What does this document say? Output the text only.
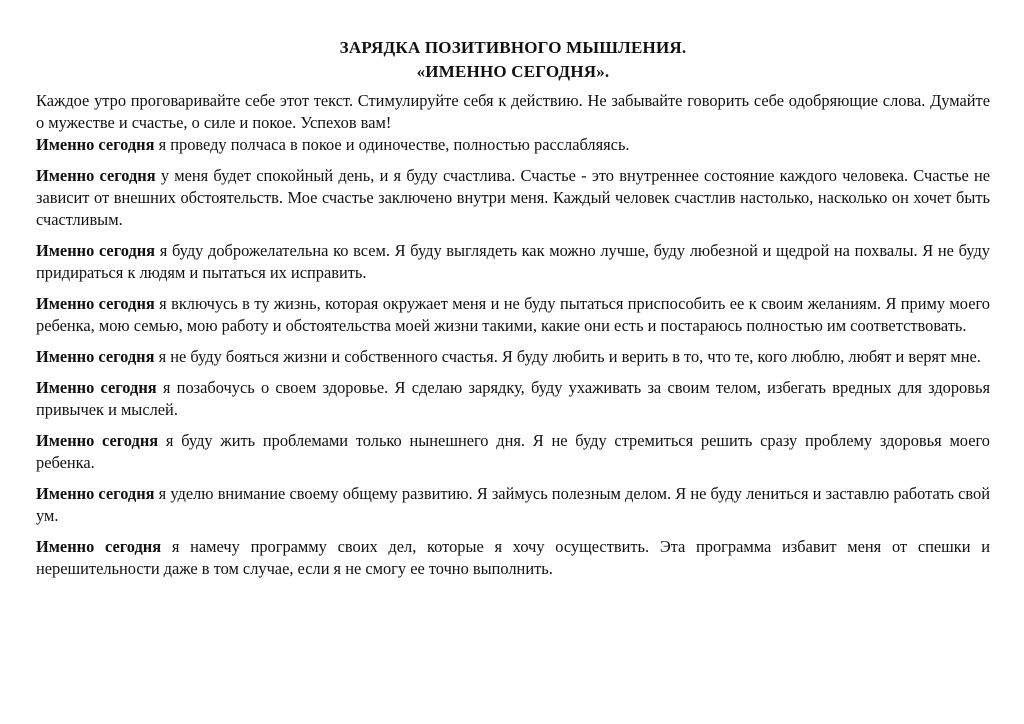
ЗАРЯДКА ПОЗИТИВНОГО МЫШЛЕНИЯ.
«ИМЕННО СЕГОДНЯ».

Каждое утро проговаривайте себе этот текст. Стимулируйте себя к действию. Не забывайте говорить себе одобряющие слова. Думайте о мужестве и счастье, о силе и покое. Успехов вам!

Именно сегодня я проведу полчаса в покое и одиночестве, полностью расслабляясь.

Именно сегодня у меня будет спокойный день, и я буду счастлива. Счастье - это внутреннее состояние каждого человека. Счастье не зависит от внешних обстоятельств. Мое счастье заключено внутри меня. Каждый человек счастлив настолько, насколько он хочет быть счастливым.

Именно сегодня я буду доброжелательна ко всем. Я буду выглядеть как можно лучше, буду любезной и щедрой на похвалы. Я не буду придираться к людям и пытаться их исправить.

Именно сегодня я включусь в ту жизнь, которая окружает меня и не буду пытаться приспособить ее к своим желаниям. Я приму моего ребенка, мою семью, мою работу и обстоятельства моей жизни такими, какие они есть и постараюсь полностью им соответствовать.

Именно сегодня я не буду бояться жизни и собственного счастья. Я буду любить и верить в то, что те, кого люблю, любят и верят мне.

Именно сегодня я позабочусь о своем здоровье. Я сделаю зарядку, буду ухаживать за своим телом, избегать вредных для здоровья привычек и мыслей.

Именно сегодня я буду жить проблемами только нынешнего дня. Я не буду стремиться решить сразу проблему здоровья моего ребенка.

Именно сегодня я уделю внимание своему общему развитию. Я займусь полезным делом. Я не буду лениться и заставлю работать свой ум.

Именно сегодня я намечу программу своих дел, которые я хочу осуществить. Эта программа избавит меня от спешки и нерешительности даже в том случае, если я не смогу ее точно выполнить.
